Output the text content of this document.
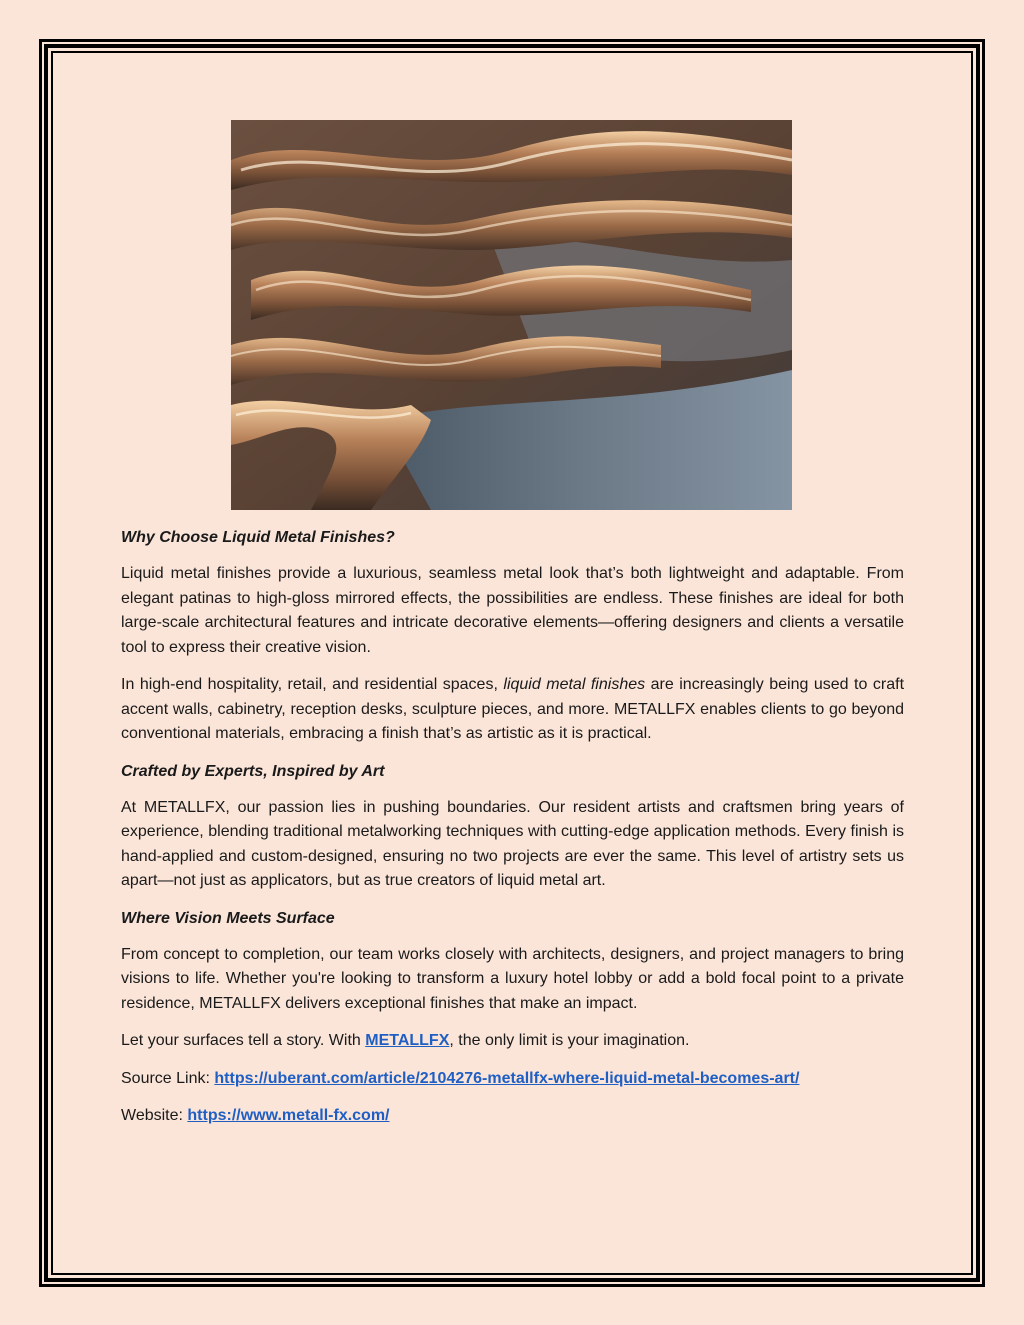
Why Choose Liquid Metal Finishes?

Liquid metal finishes provide a luxurious, seamless metal look that’s both lightweight and adaptable. From elegant patinas to high-gloss mirrored effects, the possibilities are endless. These finishes are ideal for both large-scale architectural features and intricate decorative elements—offering designers and clients a versatile tool to express their creative vision.

In high-end hospitality, retail, and residential spaces, liquid metal finishes are increasingly being used to craft accent walls, cabinetry, reception desks, sculpture pieces, and more. METALLFX enables clients to go beyond conventional materials, embracing a finish that’s as artistic as it is practical.

Crafted by Experts, Inspired by Art

At METALLFX, our passion lies in pushing boundaries. Our resident artists and craftsmen bring years of experience, blending traditional metalworking techniques with cutting-edge application methods. Every finish is hand-applied and custom-designed, ensuring no two projects are ever the same. This level of artistry sets us apart—not just as applicators, but as true creators of liquid metal art.

Where Vision Meets Surface

From concept to completion, our team works closely with architects, designers, and project managers to bring visions to life. Whether you're looking to transform a luxury hotel lobby or add a bold focal point to a private residence, METALLFX delivers exceptional finishes that make an impact.

Let your surfaces tell a story. With METALLFX, the only limit is your imagination.

Source Link: https://uberant.com/article/2104276-metallfx-where-liquid-metal-becomes-art/

Website: https://www.metall-fx.com/
